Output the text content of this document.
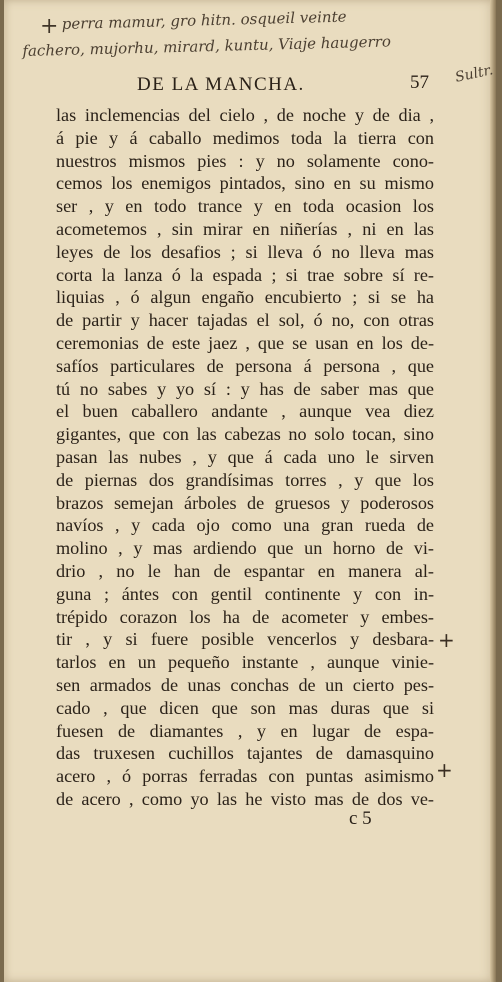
+ perra mamur, gro hitn. osqueil veinte
fachero, mujorhu, mirard, kuntu, Viaje haugerro
DE LA MANCHA.	57 Sultr.
las inclemencias del cielo , de noche y de dia ,
á pie y á caballo medimos toda la tierra con
nuestros mismos pies : y no solamente cono-
cemos los enemigos pintados, sino en su mismo
ser , y en todo trance y en toda ocasion los
acometemos , sin mirar en niñerías , ni en las
leyes de los desafios ; si lleva ó no lleva mas
corta la lanza ó la espada ; si trae sobre sí re-
liquias , ó algun engaño encubierto ; si se ha
de partir y hacer tajadas el sol, ó no, con otras
ceremonias de este jaez , que se usan en los de-
safíos particulares de persona á persona , que
tú no sabes y yo sí : y has de saber mas que
el buen caballero andante , aunque vea diez
gigantes, que con las cabezas no solo tocan, sino
pasan las nubes , y que á cada uno le sirven
de piernas dos grandísimas torres , y que los
brazos semejan árboles de gruesos y poderosos
navíos , y cada ojo como una gran rueda de
molino , y mas ardiendo que un horno de vi-
drio , no le han de espantar en manera al-
guna ; ántes con gentil continente y con in-
trépido corazon los ha de acometer y embes-
tir , y si fuere posible vencerlos y desbara-
tarlos en un pequeño instante , aunque vinie-
sen armados de unas conchas de un cierto pes-
cado , que dicen que son mas duras que si
fuesen de diamantes , y en lugar de espa-
das truxesen cuchillos tajantes de damasquino
acero , ó porras ferradas con puntas asimismo
de acero , como yo las he visto mas de dos ve-
+
+
c 5
